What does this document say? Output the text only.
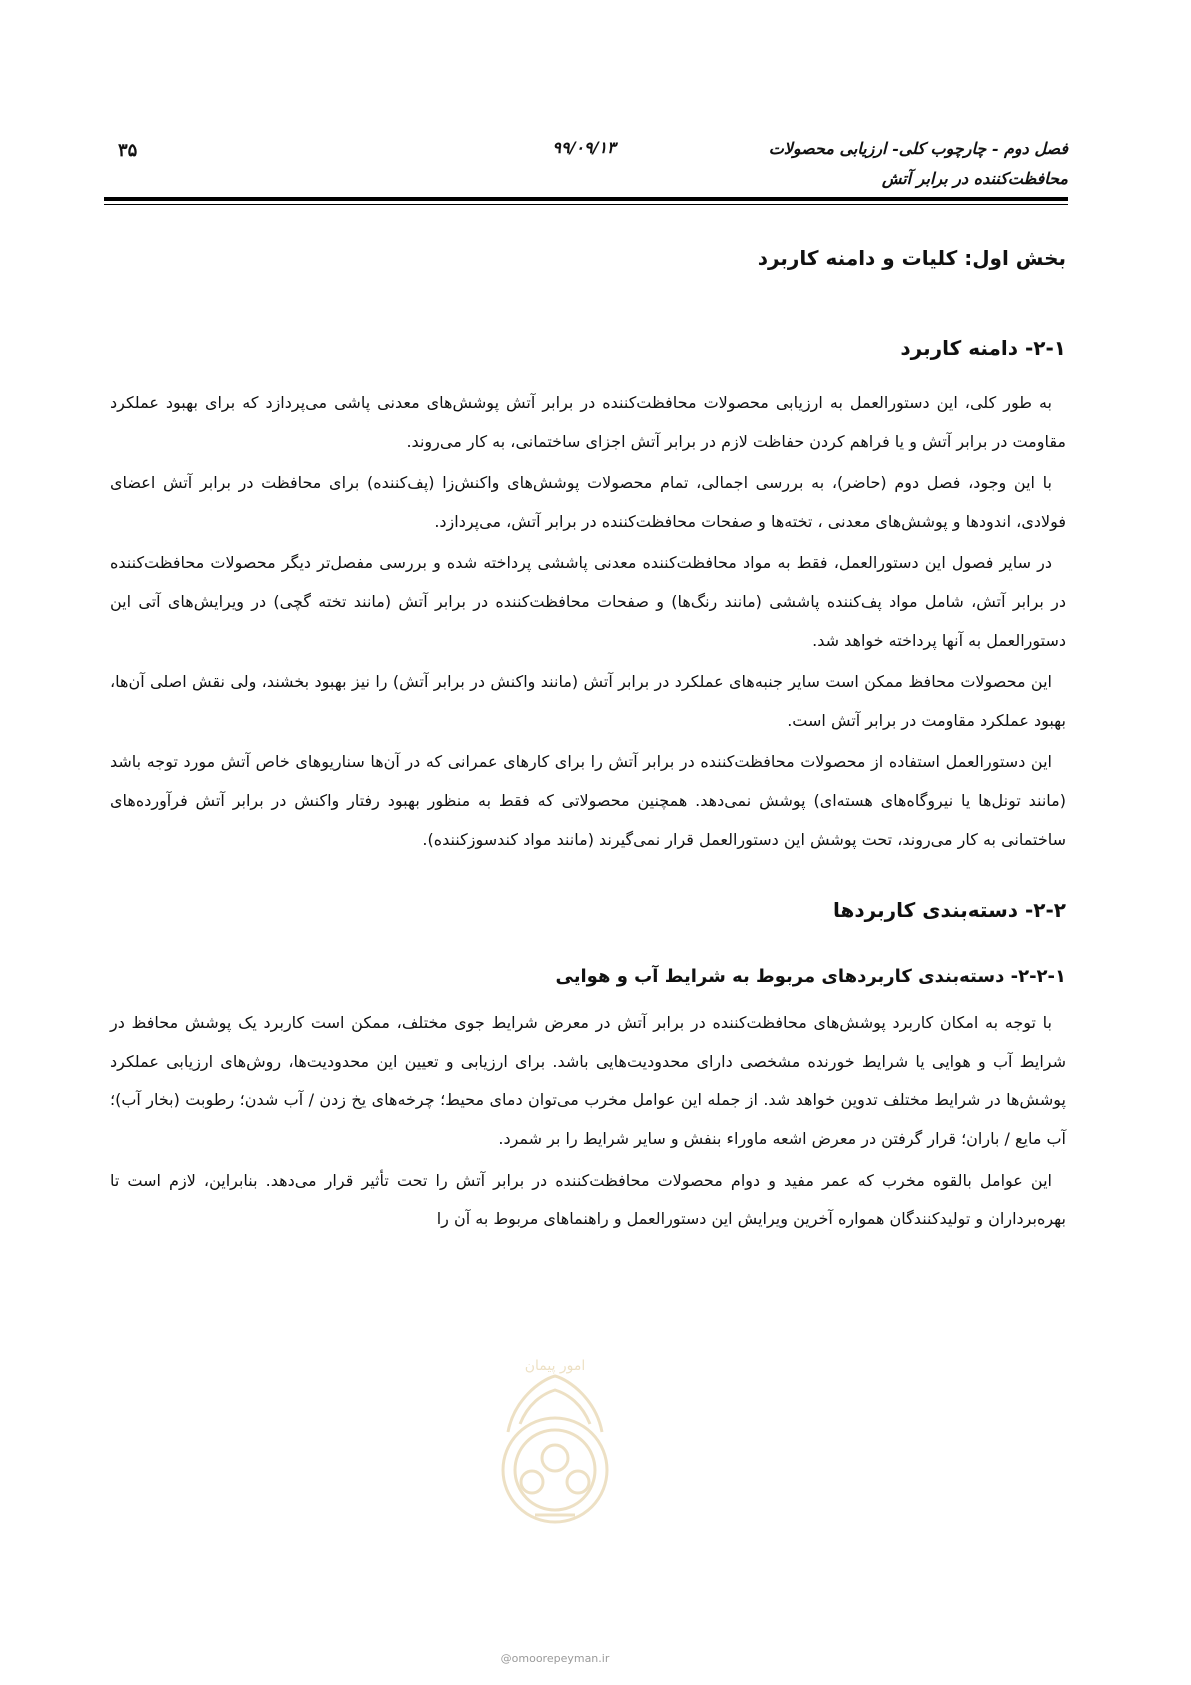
فصل دوم - چارچوب کلی- ارزیابی محصولات
محافظت‌کننده در برابر آتش
۹۹/۰۹/۱۳
۳۵
بخش اول: کلیات و دامنه کاربرد
۲-۱- دامنه کاربرد

به طور کلی، این دستورالعمل به ارزیابی محصولات محافظت‌کننده در برابر آتش پوشش‌های معدنی پاشی می‌پردازد که برای بهبود عملکرد مقاومت در برابر آتش و یا فراهم کردن حفاظت لازم در برابر آتش اجزای ساختمانی، به کار می‌روند.

با این وجود، فصل دوم (حاضر)، به بررسی اجمالی، تمام محصولات پوشش‌های واکنش‌زا (پف‌کننده) برای محافظت در برابر آتش اعضای فولادی، اندودها و پوشش‌های معدنی ، تخته‌ها و صفحات محافظت‌کننده در برابر آتش، می‌پردازد.

در سایر فصول این دستورالعمل، فقط به مواد محافظت‌کننده معدنی پاششی پرداخته شده و بررسی مفصل‌تر دیگر محصولات محافظت‌کننده در برابر آتش، شامل مواد پف‌کننده پاششی (مانند رنگ‌ها) و صفحات محافظت‌کننده در برابر آتش (مانند تخته گچی) در ویرایش‌های آتی این دستورالعمل به آنها پرداخته خواهد شد.

این محصولات محافظ ممکن است سایر جنبه‌های عملکرد در برابر آتش (مانند واکنش در برابر آتش) را نیز بهبود بخشند، ولی نقش اصلی آن‌ها، بهبود عملکرد مقاومت در برابر آتش است.

این دستورالعمل استفاده از محصولات محافظت‌کننده در برابر آتش را برای کارهای عمرانی که در آن‌ها سناریوهای خاص آتش مورد توجه باشد (مانند تونل‌ها یا نیروگاه‌های هسته‌ای) پوشش نمی‌دهد. همچنین محصولاتی که فقط به منظور بهبود رفتار واکنش در برابر آتش فرآورده‌های ساختمانی به کار می‌روند، تحت پوشش این دستورالعمل قرار نمی‌گیرند (مانند مواد کندسوزکننده).

۲-۲- دسته‌بندی کاربردها
۲-۲-۱- دسته‌بندی کاربردهای مربوط به شرایط آب و هوایی

با توجه به امکان کاربرد پوشش‌های محافظت‌کننده در برابر آتش در معرض شرایط جوی مختلف، ممکن است کاربرد یک پوشش محافظ در شرایط آب و هوایی یا شرایط خورنده مشخصی دارای محدودیت‌هایی باشد. برای ارزیابی و تعیین این محدودیت‌ها، روش‌های ارزیابی عملکرد پوشش‌ها در شرایط مختلف تدوین خواهد شد. از جمله این عوامل مخرب می‌توان دمای محیط؛ چرخه‌های یخ زدن / آب شدن؛ رطوبت (بخار آب)؛ آب مایع / باران؛ قرار گرفتن در معرض اشعه ماوراء بنفش و سایر شرایط را بر شمرد.

این عوامل بالقوه مخرب که عمر مفید و دوام محصولات محافظت‌کننده در برابر آتش را تحت تأثیر قرار می‌دهد. بنابراین، لازم است تا بهره‌برداران و تولیدکنندگان همواره آخرین ویرایش این دستورالعمل و راهنماهای مربوط به آن را

امور پیمان
@omoorepeyman.ir
